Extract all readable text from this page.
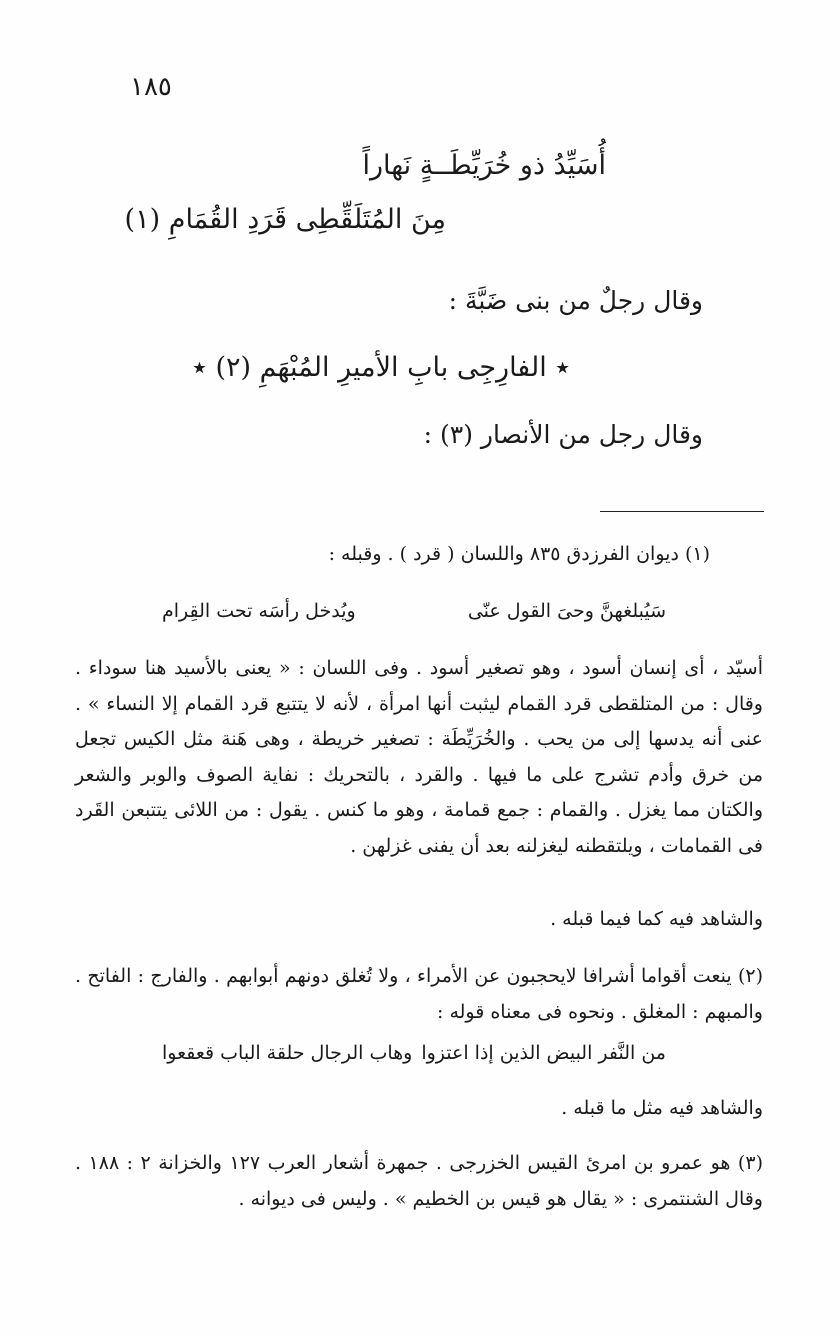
١٨٥
أُسَيِّدُ ذو خُرَيِّطَــةٍ نَهاراً
مِنَ المُتَلَقِّطِى قَرَدِ القُمَامِ (١)
وقال رجلٌ من بنى ضَبَّةَ :
٭ الفارِجِى بابِ الأميرِ المُبْهَمِ (٢) ٭
وقال رجل من الأنصار (٣) :
(١) ديوان الفرزدق ٨٣٥ واللسان ( قرد ) . وقبله :
سَيُبلغهنَّ وحىَ القول عنّى
ويُدخل رأسَه تحت القِرام
أسيّد ، أى إنسان أسود ، وهو تصغير أسود . وفى اللسان : « يعنى بالأسيد هنا سوداء . وقال : من المتلقطى قرد القمام ليثبت أنها امرأة ، لأنه لا يتتبع قرد القمام إلا النساء » . عنى أنه يدسها إلى من يحب . والخُرَيِّطَة : تصغير خريطة ، وهى هَنة مثل الكيس تجعل من خرق وأدم تشرج على ما فيها . والقرد ، بالتحريك : نفاية الصوف والوبر والشعر والكتان مما يغزل . والقمام : جمع قمامة ، وهو ما كنس . يقول : من اللائى يتتبعن القَرد فى القمامات ، ويلتقطنه ليغزلنه بعد أن يفنى غزلهن .
والشاهد فيه كما فيما قبله .
(٢) ينعت أقواما أشرافا لايحجبون عن الأمراء ، ولا تُغلق دونهم أبوابهم . والفارج : الفاتح . والمبهم : المغلق . ونحوه فى معناه قوله :
من النَّفر البيض الذين إذا اعتزوا
وهاب الرجال حلقة الباب قعقعوا
والشاهد فيه مثل ما قبله .
(٣) هو عمرو بن امرئ القيس الخزرجى . جمهرة أشعار العرب ١٢٧ والخزانة ٢ : ١٨٨ . وقال الشنتمرى : « يقال هو قيس بن الخطيم » . وليس فى ديوانه .
